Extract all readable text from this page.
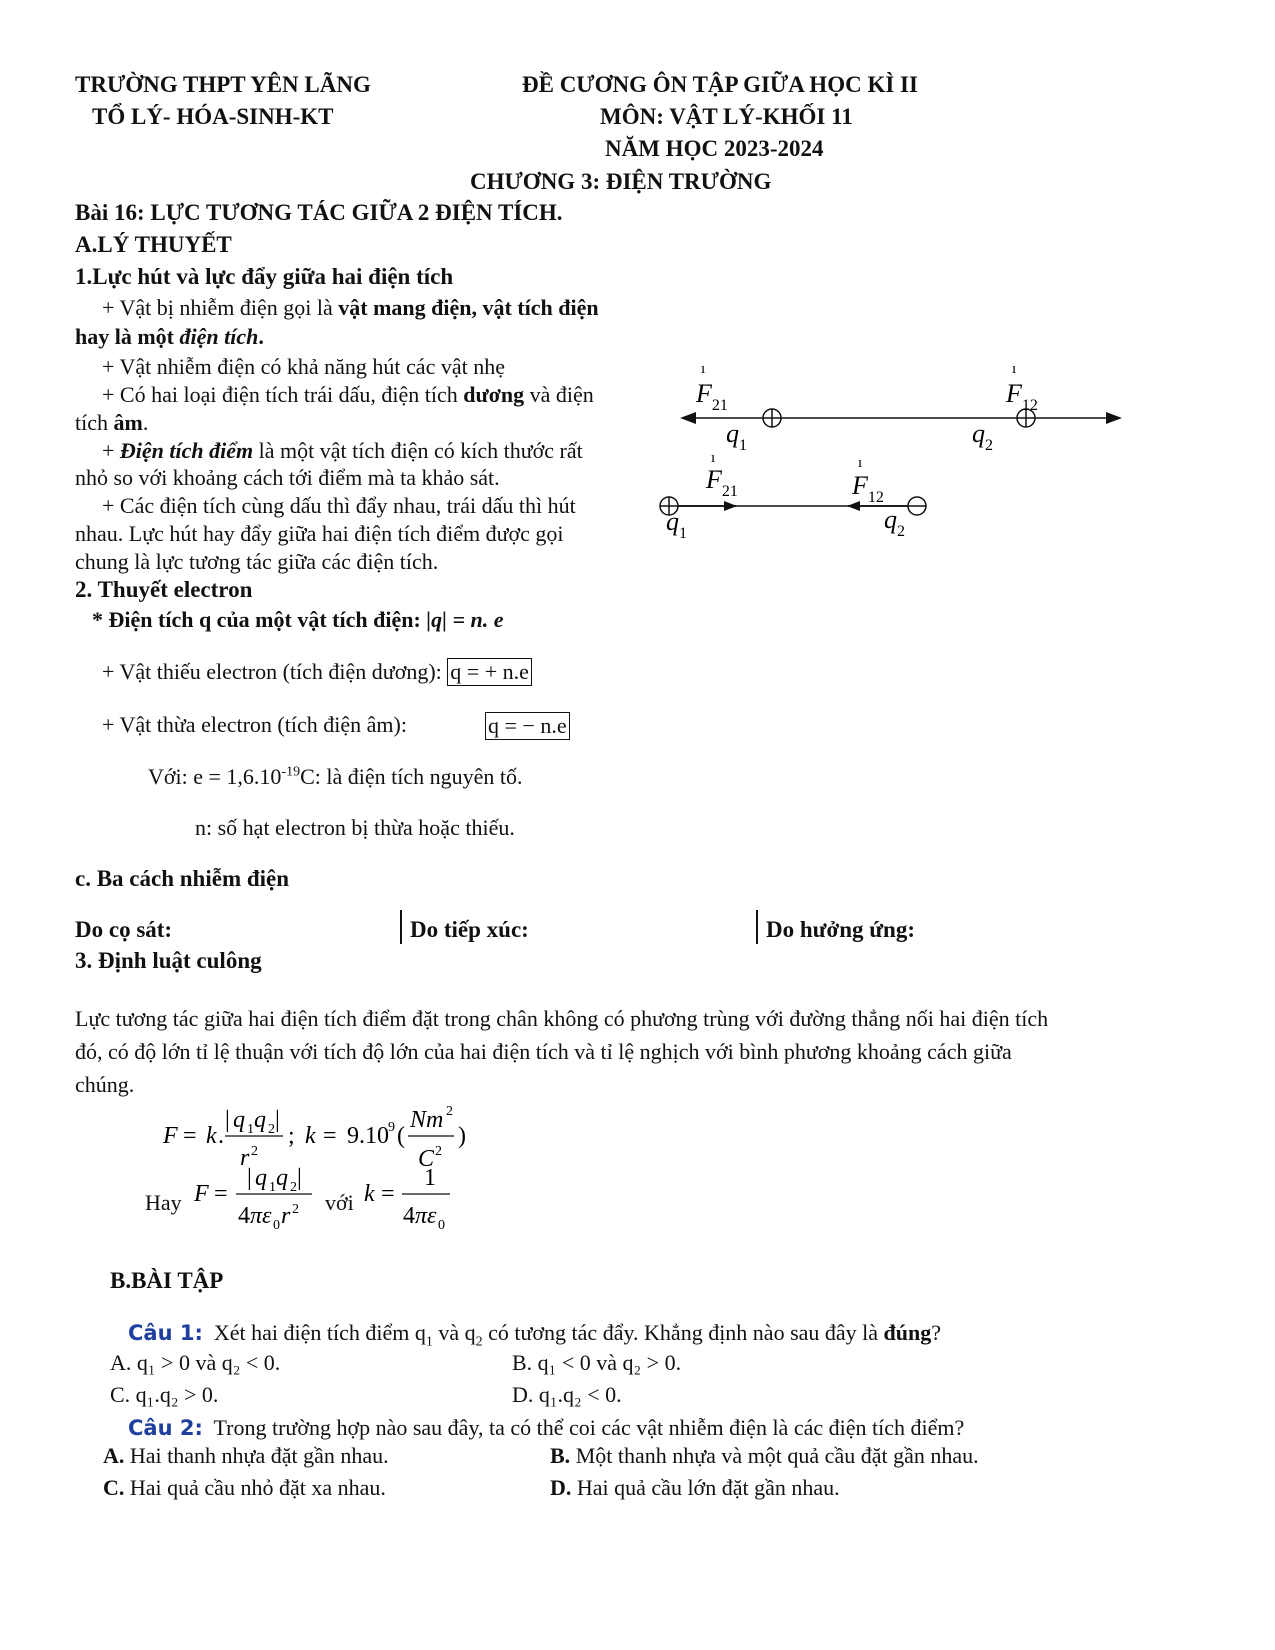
TRƯỜNG THPT YÊN LÃNG
TỔ LÝ- HÓA-SINH-KT
ĐỀ CƯƠNG ÔN TẬP GIỮA HỌC KÌ II
MÔN: VẬT LÝ-KHỐI 11
NĂM HỌC 2023-2024
CHƯƠNG 3: ĐIỆN TRƯỜNG
Bài 16: LỰC TƯƠNG TÁC GIỮA 2 ĐIỆN TÍCH.
A.LÝ THUYẾT
1.Lực hút và lực đẩy giữa hai điện tích
+ Vật bị nhiễm điện gọi là vật mang điện, vật tích điện
hay là một điện tích.
+ Vật nhiễm điện có khả năng hút các vật nhẹ
+ Có hai loại điện tích trái dấu, điện tích dương và điện
tích âm.
+ Điện tích điểm là một vật tích điện có kích thước rất
nhỏ so với khoảng cách tới điểm mà ta khảo sát.
+ Các điện tích cùng dấu thì đẩy nhau, trái dấu thì hút
nhau. Lực hút hay đẩy giữa hai điện tích điểm được gọi
chung là lực tương tác giữa các điện tích.
ı
$F_{21}$
ı
$F_{12}$
$q_1$	$q_2$
ı
$F_{21}$
ı
$F_{12}$
$q_1$	$q_2$
2. Thuyết electron
* Điện tích q của một vật tích điện: |q| = n. e
+ Vật thiếu electron (tích điện dương): q = + n.e
+ Vật thừa electron (tích điện âm):	q = − n.e
Với: $e = 1,6.10^{-19}C$: là điện tích nguyên tố.
n: số hạt electron bị thừa hoặc thiếu.
c. Ba cách nhiễm điện
Do cọ sát:	Do tiếp xúc:	Do hưởng ứng:
3. Định luật culông
Lực tương tác giữa hai điện tích điểm đặt trong chân không có phương trùng với đường thẳng nối hai điện tích
đó, có độ lớn tỉ lệ thuận với tích độ lớn của hai điện tích và tỉ lệ nghịch với bình phương khoảng cách giữa
chúng.
F = k .
| q 1 q 2 |
r 2
; k = 9.10 9 (
Nm 2
C 2
)
Hay F =
| q 1 q 2 |
4 πε 0 r 2
k =
1
4 πε 0
với
B.BÀI TẬP
Câu 1: Xét hai điện tích điểm $q_1$ và $q_2$ có tương tác đẩy. Khẳng định nào sau đây là đúng?
A. q₁ > 0 và q₂ < 0.	B. q₁ < 0 và q₂ > 0.
C. q₁.q₂ > 0.	D. q₁.q₂ < 0.
Câu 2: Trong trường hợp nào sau đây, ta có thể coi các vật nhiễm điện là các điện tích điểm?
A. Hai thanh nhựa đặt gần nhau.	B. Một thanh nhựa và một quả cầu đặt gần nhau.
C. Hai quả cầu nhỏ đặt xa nhau.	D. Hai quả cầu lớn đặt gần nhau.
